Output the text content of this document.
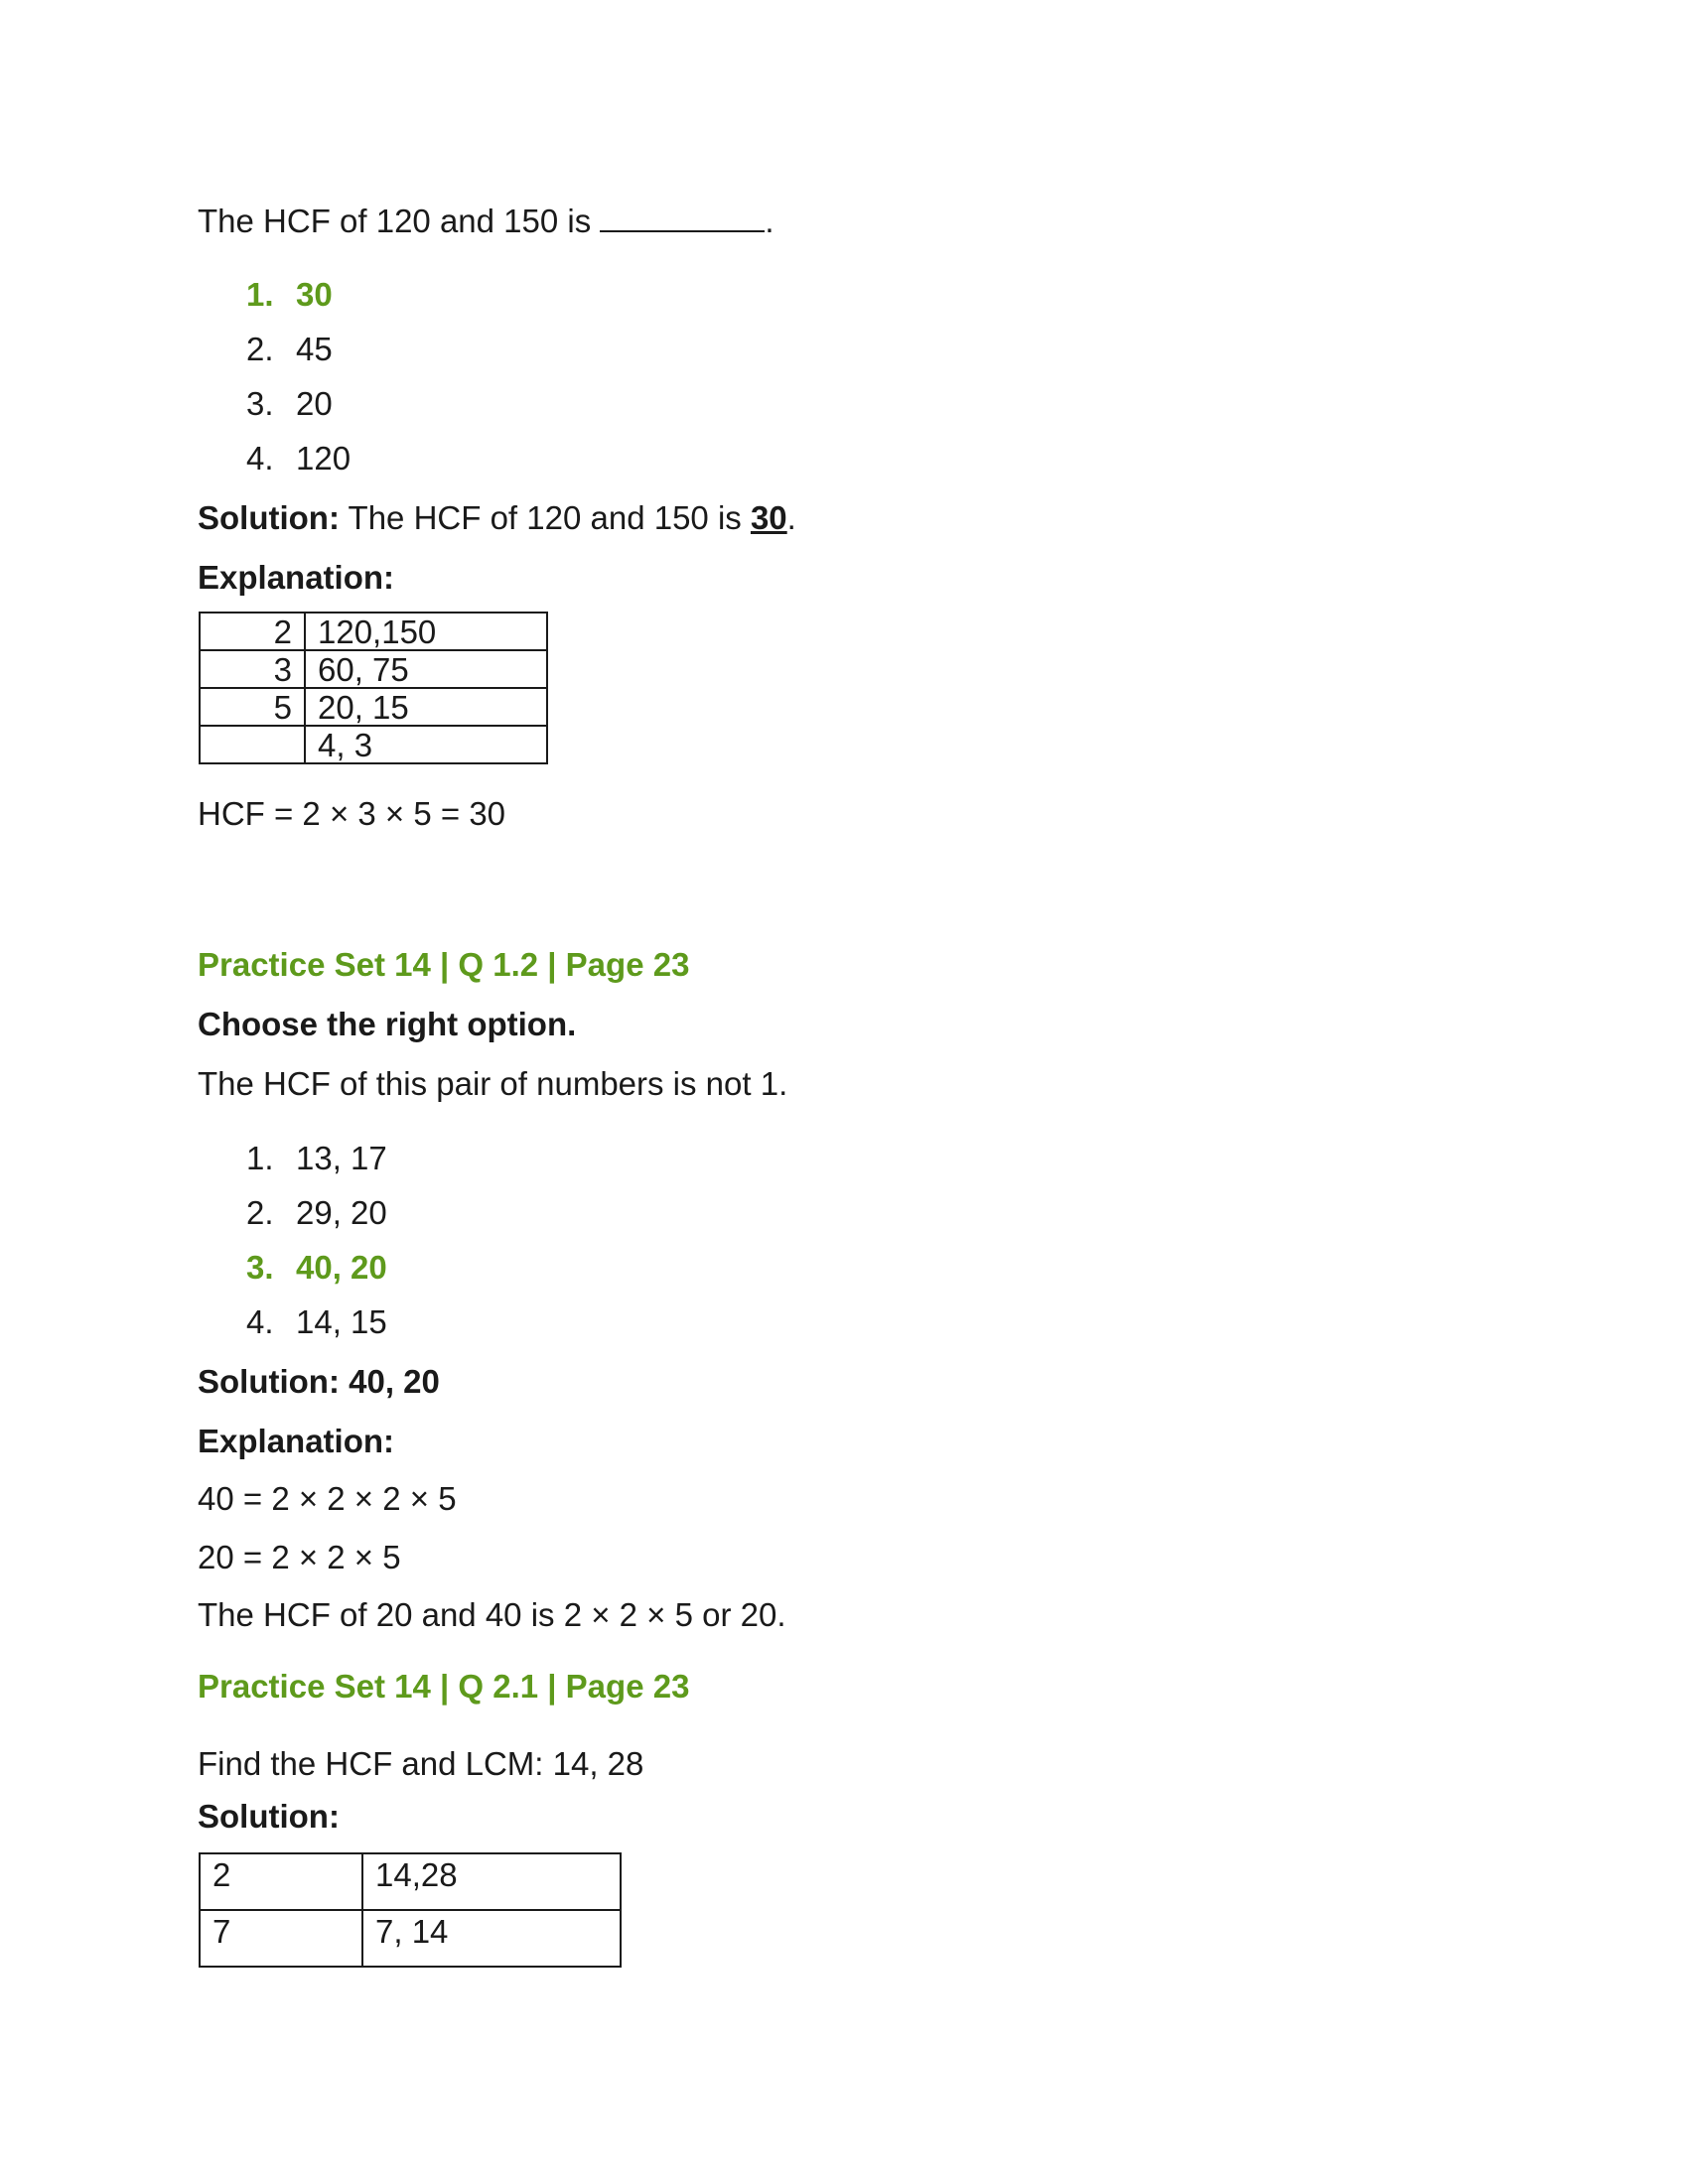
The HCF of 120 and 150 is	.
1. 30
2. 45
3. 20
4. 120
Solution: The HCF of 120 and 150 is 30.
Explanation:
2	120,150
3	60, 75
5	20, 15
	4, 3
HCF = 2 × 3 × 5 = 30
Practice Set 14 | Q 1.2 | Page 23
Choose the right option.
The HCF of this pair of numbers is not 1.
1. 13, 17
2. 29, 20
3. 40, 20
4. 14, 15
Solution: 40, 20
Explanation:
40 = 2 × 2 × 2 × 5
20 = 2 × 2 × 5
The HCF of 20 and 40 is 2 × 2 × 5 or 20.
Practice Set 14 | Q 2.1 | Page 23
Find the HCF and LCM: 14, 28
Solution:
2	14,28
7	7, 14
